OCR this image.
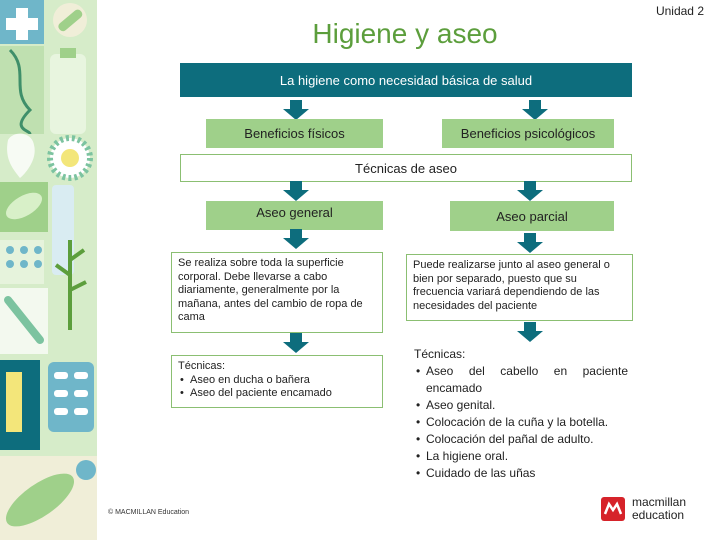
Unidad 2
Higiene y aseo
La higiene como necesidad básica de salud
Beneficios físicos	Beneficios psicológicos
Técnicas de aseo
Aseo general	Aseo parcial
Se realiza sobre toda la superficie corporal. Debe llevarse a cabo diariamente, generalmente por la mañana, antes del cambio de ropa de cama
Puede realizarse junto al aseo general o bien por separado, puesto que su frecuencia variará dependiendo de las necesidades del paciente
Técnicas:
• Aseo en ducha o bañera
• Aseo del paciente encamado
Técnicas:
• Aseo del cabello en paciente encamado
• Aseo genital.
• Colocación de la cuña y la botella.
• Colocación del pañal de adulto.
• La higiene oral.
• Cuidado de las uñas
© MACMILLAN Education
macmillan
education
